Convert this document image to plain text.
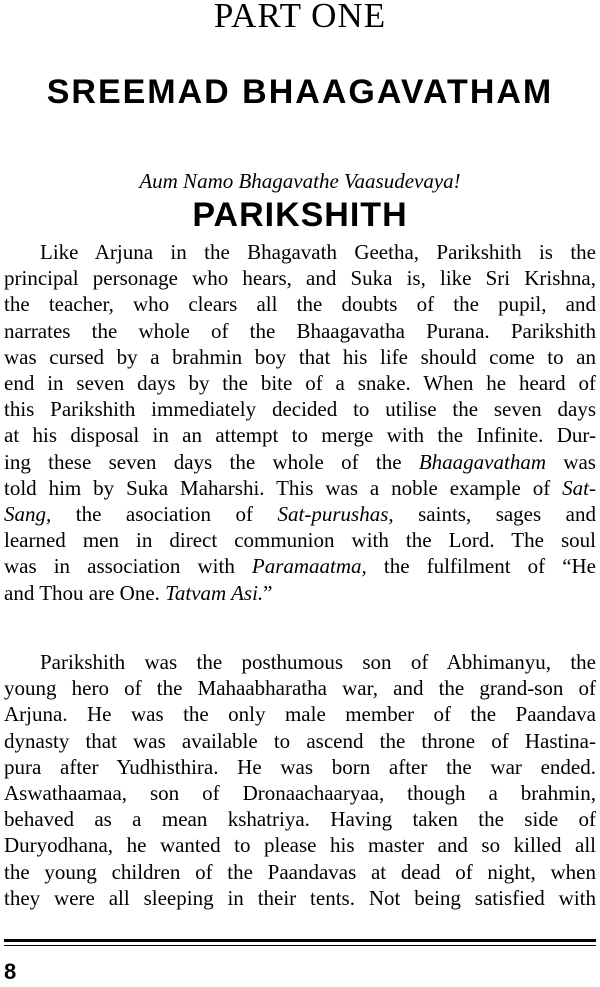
PART ONE
SREEMAD BHAAGAVATHAM
Aum Namo Bhagavathe Vaasudevaya!
PARIKSHITH
Like Arjuna in the Bhagavath Geetha, Parikshith is the
principal personage who hears, and Suka is, like Sri Krishna,
the teacher, who clears all the doubts of the pupil, and
narrates the whole of the Bhaagavatha Purana. Parikshith
was cursed by a brahmin boy that his life should come to an
end in seven days by the bite of a snake. When he heard of
this Parikshith immediately decided to utilise the seven days
at his disposal in an attempt to merge with the Infinite. Dur-
ing these seven days the whole of the Bhaagavatham was
told him by Suka Maharshi. This was a noble example of Sat-
Sang, the asociation of Sat-purushas, saints, sages and
learned men in direct communion with the Lord. The soul
was in association with Paramaatma, the fulfilment of “He
and Thou are One. Tatvam Asi.”
Parikshith was the posthumous son of Abhimanyu, the
young hero of the Mahaabharatha war, and the grand-son of
Arjuna. He was the only male member of the Paandava
dynasty that was available to ascend the throne of Hastina-
pura after Yudhisthira. He was born after the war ended.
Aswathaamaa, son of Dronaachaaryaa, though a brahmin,
behaved as a mean kshatriya. Having taken the side of
Duryodhana, he wanted to please his master and so killed all
the young children of the Paandavas at dead of night, when
they were all sleeping in their tents. Not being satisfied with
8
